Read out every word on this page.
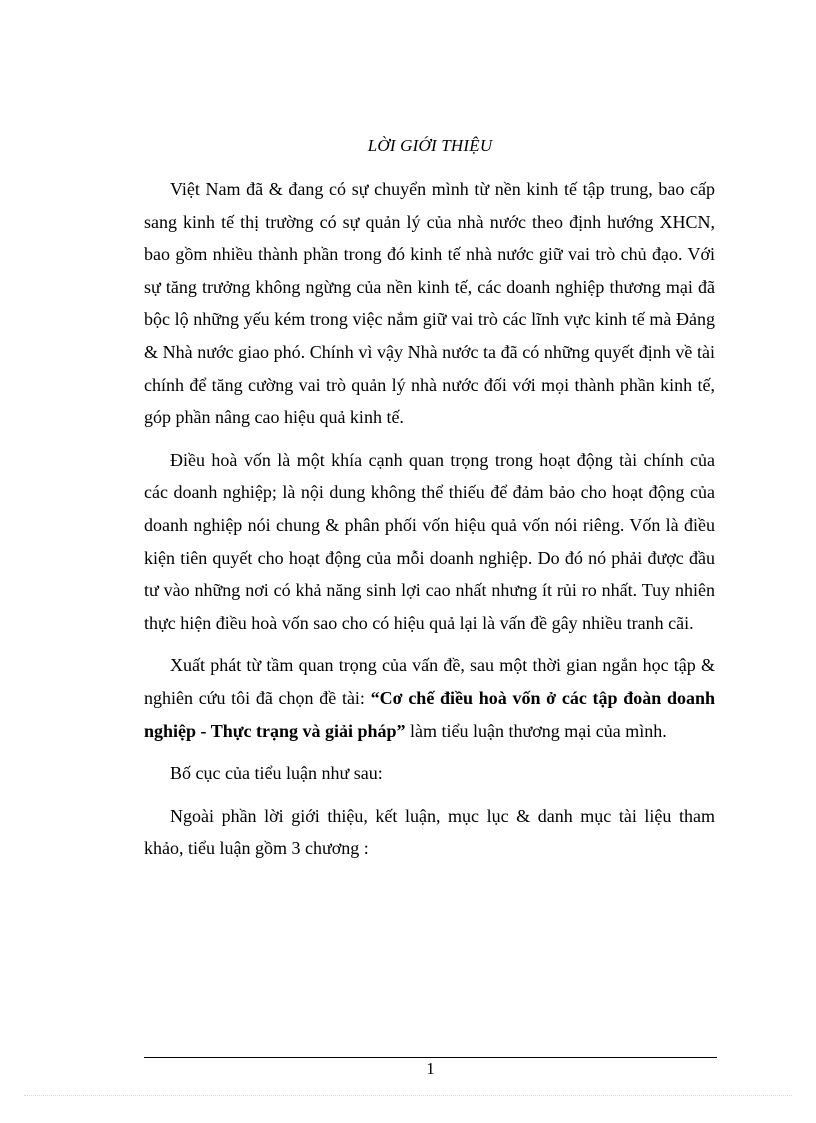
LỜI GIỚI THIỆU

Việt Nam đã & đang có sự chuyển mình từ nền kinh tế tập trung, bao cấp sang kinh tế thị trường có sự quản lý của nhà nước theo định hướng XHCN, bao gồm nhiều thành phần trong đó kinh tế nhà nước giữ vai trò chủ đạo. Với sự tăng trưởng không ngừng của nền kinh tế, các doanh nghiệp thương mại đã bộc lộ những yếu kém trong việc nắm giữ vai trò các lĩnh vực kinh tế mà Đảng & Nhà nước giao phó. Chính vì vậy Nhà nước ta đã có những quyết định về tài chính để tăng cường vai trò quản lý nhà nước đối với mọi thành phần kinh tế, góp phần nâng cao hiệu quả kinh tế.

Điều hoà vốn là một khía cạnh quan trọng trong hoạt động tài chính của các doanh nghiệp; là nội dung không thể thiếu để đảm bảo cho hoạt động của doanh nghiệp nói chung & phân phối vốn hiệu quả vốn nói riêng. Vốn là điều kiện tiên quyết cho hoạt động của mỗi doanh nghiệp. Do đó nó phải được đầu tư vào những nơi có khả năng sinh lợi cao nhất nhưng ít rủi ro nhất. Tuy nhiên thực hiện điều hoà vốn sao cho có hiệu quả lại là vấn đề gây nhiều tranh cãi.

Xuất phát từ tầm quan trọng của vấn đề, sau một thời gian ngắn học tập & nghiên cứu tôi đã chọn đề tài: “Cơ chế điều hoà vốn ở các tập đoàn doanh nghiệp - Thực trạng và giải pháp” làm tiểu luận thương mại của mình.

Bố cục của tiểu luận như sau:

Ngoài phần lời giới thiệu, kết luận, mục lục & danh mục tài liệu tham khảo, tiểu luận gồm 3 chương :

1
